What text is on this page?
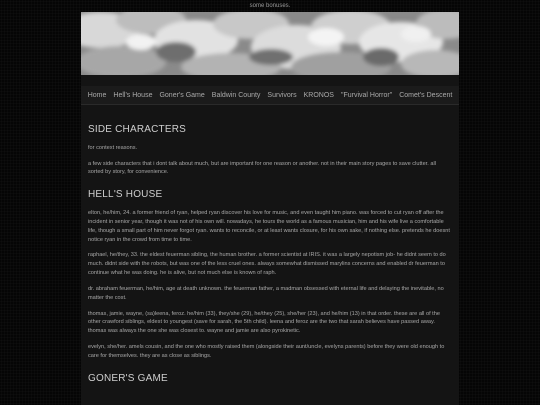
some bonuses.
Home	Hell's House	Goner's Game	Baldwin County	Survivors	KRONOS	"Furvival Horror"	Comet's Descent
SIDE CHARACTERS

for context reasons.

a few side characters that i dont talk about much, but are important for one reason or another. not in their main story pages to save clutter. all sorted by story, for convenience.

HELL'S HOUSE

elton, he/him, 24. a former friend of ryan, helped ryan discover his love for music, and even taught him piano. was forced to cut ryan off after the incident in senior year, though it was not of his own will. nowadays, he tours the world as a famous musician, him and his wife live a comfortable life, though a small part of him never forgot ryan. wants to reconcile, or at least wants closure, for his own sake, if nothing else. pretends he doesnt notice ryan in the crowd from time to time.

raphael, he/they, 33. the eldest feuerman sibling, the human brother. a former scientist at IRIS. it was a largely nepotism job- he didnt seem to do much. didnt side with the robots, but was one of the less cruel ones. always somewhat dismissed marylins concerns and enabled dr feuerman to continue what he was doing. he is alive, but not much else is known of raph.

dr. abraham feuerman, he/him, age at death unknown. the feuerman father, a madman obsessed with eternal life and delaying the inevitable, no matter the cost.

thomas, jamie, wayne, (sa)leena, feroz. he/him (33), they/she (29), he/they (25), she/her (23), and he/him (13) in that order. these are all of the other crawford siblings, eldest to youngest (save for sarah, the 5th child). leena and feroz are the two that sarah believes have passed away. thomas was always the one she was closest to. wayne and jamie are also pyrokinetic.

evelyn, she/her. amels cousin, and the one who mostly raised them (alongside their aunt/uncle, evelyns parents) before they were old enough to care for themselves. they are as close as siblings.

GONER'S GAME
